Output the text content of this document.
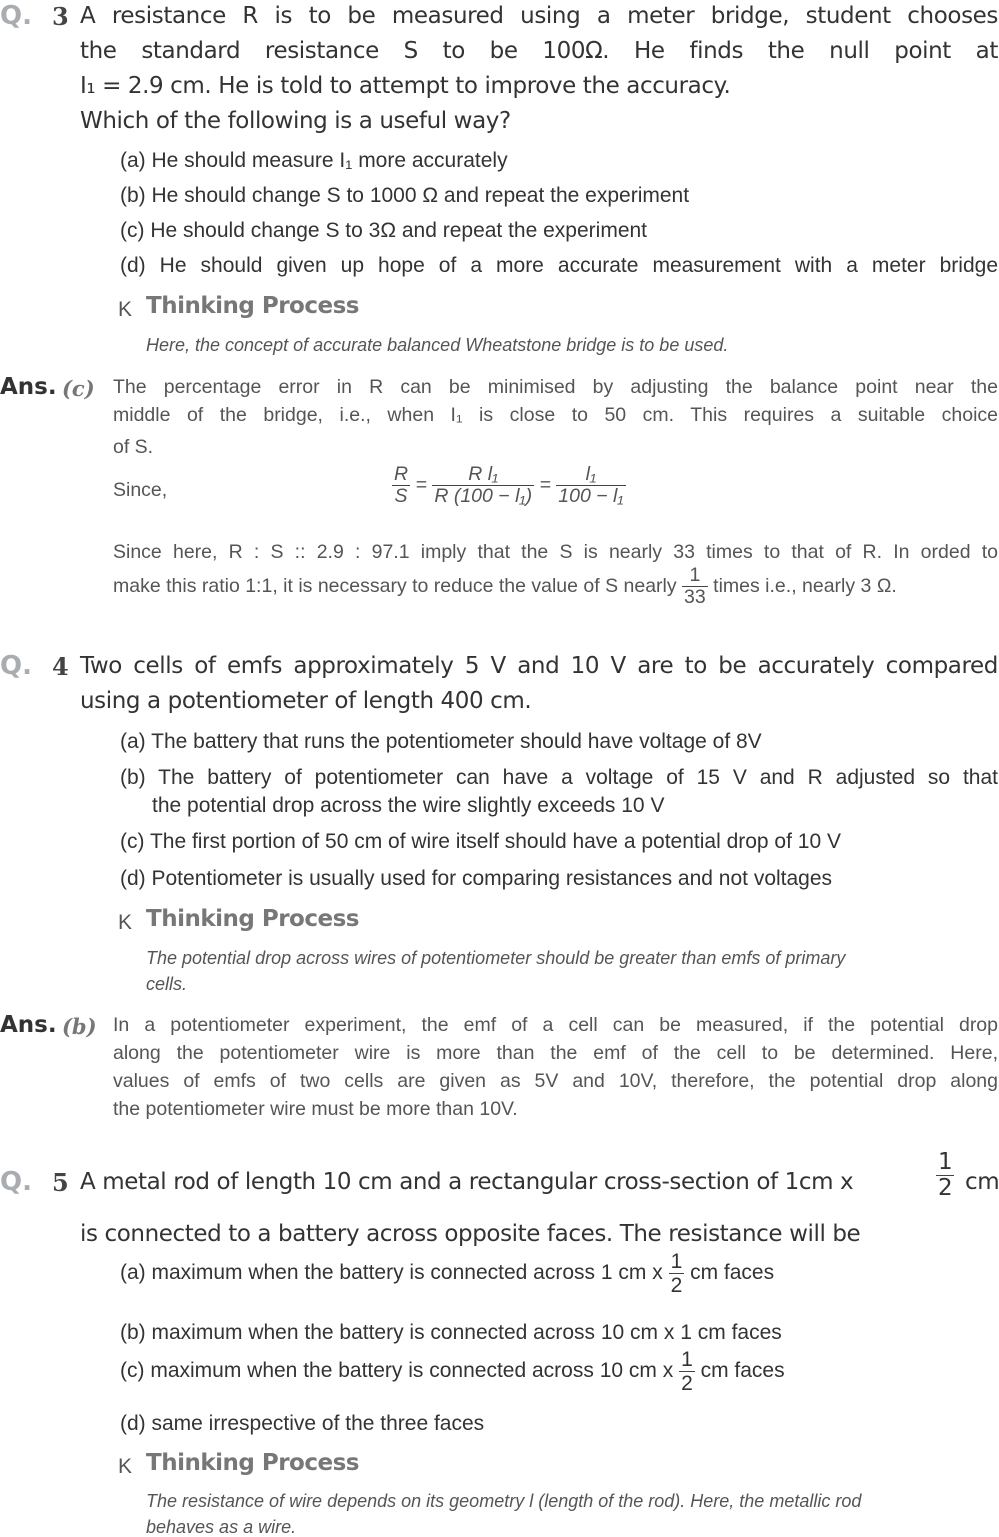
Q. 3 A resistance R is to be measured using a meter bridge, student chooses
the standard resistance S to be 100Ω. He finds the null point at
I₁ = 2.9 cm. He is told to attempt to improve the accuracy.
Which of the following is a useful way?
(a) He should measure I₁ more accurately
(b) He should change S to 1000 Ω and repeat the experiment
(c) He should change S to 3Ω and repeat the experiment
(d) He should given up hope of a more accurate measurement with a meter bridge
K Thinking Process
Here, the concept of accurate balanced Wheatstone bridge is to be used.
Ans. (c) The percentage error in R can be minimised by adjusting the balance point near the
middle of the bridge, i.e., when I₁ is close to 50 cm. This requires a suitable choice
of S.
Since,	$\frac{R}{S} = \frac{\text{R l₁}}{\text{R (100 − l₁)}} = \frac{\text{l₁}}{\text{100 − l₁}}$
Since here, R : S :: 2.9 : 97.1 imply that the S is nearly 33 times to that of R. In orded to
make this ratio 1:1, it is necessary to reduce the value of S nearly $\frac{1}{33}$ times i.e., nearly 3 Ω.
Q. 4 Two cells of emfs approximately 5 V and 10 V are to be accurately compared
using a potentiometer of length 400 cm.
(a) The battery that runs the potentiometer should have voltage of 8V
(b) The battery of potentiometer can have a voltage of 15 V and R adjusted so that
the potential drop across the wire slightly exceeds 10 V
(c) The first portion of 50 cm of wire itself should have a potential drop of 10 V
(d) Potentiometer is usually used for comparing resistances and not voltages
K Thinking Process
The potential drop across wires of potentiometer should be greater than emfs of primary
cells.
Ans. (b) In a potentiometer experiment, the emf of a cell can be measured, if the potential drop
along the potentiometer wire is more than the emf of the cell to be determined. Here,
values of emfs of two cells are given as 5V and 10V, therefore, the potential drop along
the potentiometer wire must be more than 10V.
Q. 5 A metal rod of length 10 cm and a rectangular cross-section of 1cm x	$\frac{1}{2}$ cm
is connected to a battery across opposite faces. The resistance will be
(a) maximum when the battery is connected across 1 cm x $\frac{1}{2}$ cm faces
(b) maximum when the battery is connected across 10 cm x 1 cm faces
(c) maximum when the battery is connected across 10 cm x $\frac{1}{2}$ cm faces
(d) same irrespective of the three faces
K Thinking Process
The resistance of wire depends on its geometry l (length of the rod). Here, the metallic rod
behaves as a wire.
